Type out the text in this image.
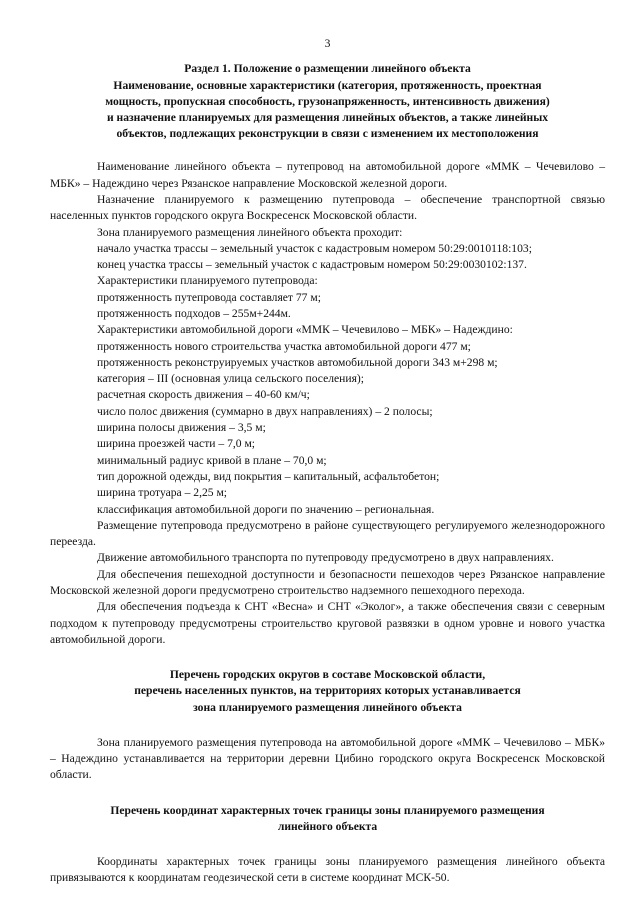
3
Раздел 1. Положение о размещении линейного объекта
Наименование, основные характеристики (категория, протяженность, проектная
мощность, пропускная способность, грузонапряженность, интенсивность движения)
и назначение планируемых для размещения линейных объектов, а также линейных
объектов, подлежащих реконструкции в связи с изменением их местоположения
Наименование линейного объекта – путепровод на автомобильной дороге «ММК – Чечевилово – МБК» – Надеждино через Рязанское направление Московской железной дороги.
Назначение планируемого к размещению путепровода – обеспечение транспортной связью населенных пунктов городского округа Воскресенск Московской области.
Зона планируемого размещения линейного объекта проходит:
начало участка трассы – земельный участок с кадастровым номером 50:29:0010118:103;
конец участка трассы – земельный участок с кадастровым номером 50:29:0030102:137.
Характеристики планируемого путепровода:
протяженность путепровода составляет 77 м;
протяженность подходов – 255м+244м.
Характеристики автомобильной дороги «ММК – Чечевилово – МБК» – Надеждино:
протяженность нового строительства участка автомобильной дороги 477 м;
протяженность реконструируемых участков автомобильной дороги 343 м+298 м;
категория – III (основная улица сельского поселения);
расчетная скорость движения – 40-60 км/ч;
число полос движения (суммарно в двух направлениях) – 2 полосы;
ширина полосы движения – 3,5 м;
ширина проезжей части – 7,0 м;
минимальный радиус кривой в плане – 70,0 м;
тип дорожной одежды, вид покрытия – капитальный, асфальтобетон;
ширина тротуара – 2,25 м;
классификация автомобильной дороги по значению – региональная.
Размещение путепровода предусмотрено в районе существующего регулируемого железнодорожного переезда.
Движение автомобильного транспорта по путепроводу предусмотрено в двух направлениях.
Для обеспечения пешеходной доступности и безопасности пешеходов через Рязанское направление Московской железной дороги предусмотрено строительство надземного пешеходного перехода.
Для обеспечения подъезда к СНТ «Весна» и СНТ «Эколог», а также обеспечения связи с северным подходом к путепроводу предусмотрены строительство круговой развязки в одном уровне и нового участка автомобильной дороги.
Перечень городских округов в составе Московской области,
перечень населенных пунктов, на территориях которых устанавливается
зона планируемого размещения линейного объекта
Зона планируемого размещения путепровода на автомобильной дороге «ММК – Чечевилово – МБК» – Надеждино устанавливается на территории деревни Цибино городского округа Воскресенск Московской области.
Перечень координат характерных точек границы зоны планируемого размещения
линейного объекта
Координаты характерных точек границы зоны планируемого размещения линейного объекта привязываются к координатам геодезической сети в системе координат МСК-50.
